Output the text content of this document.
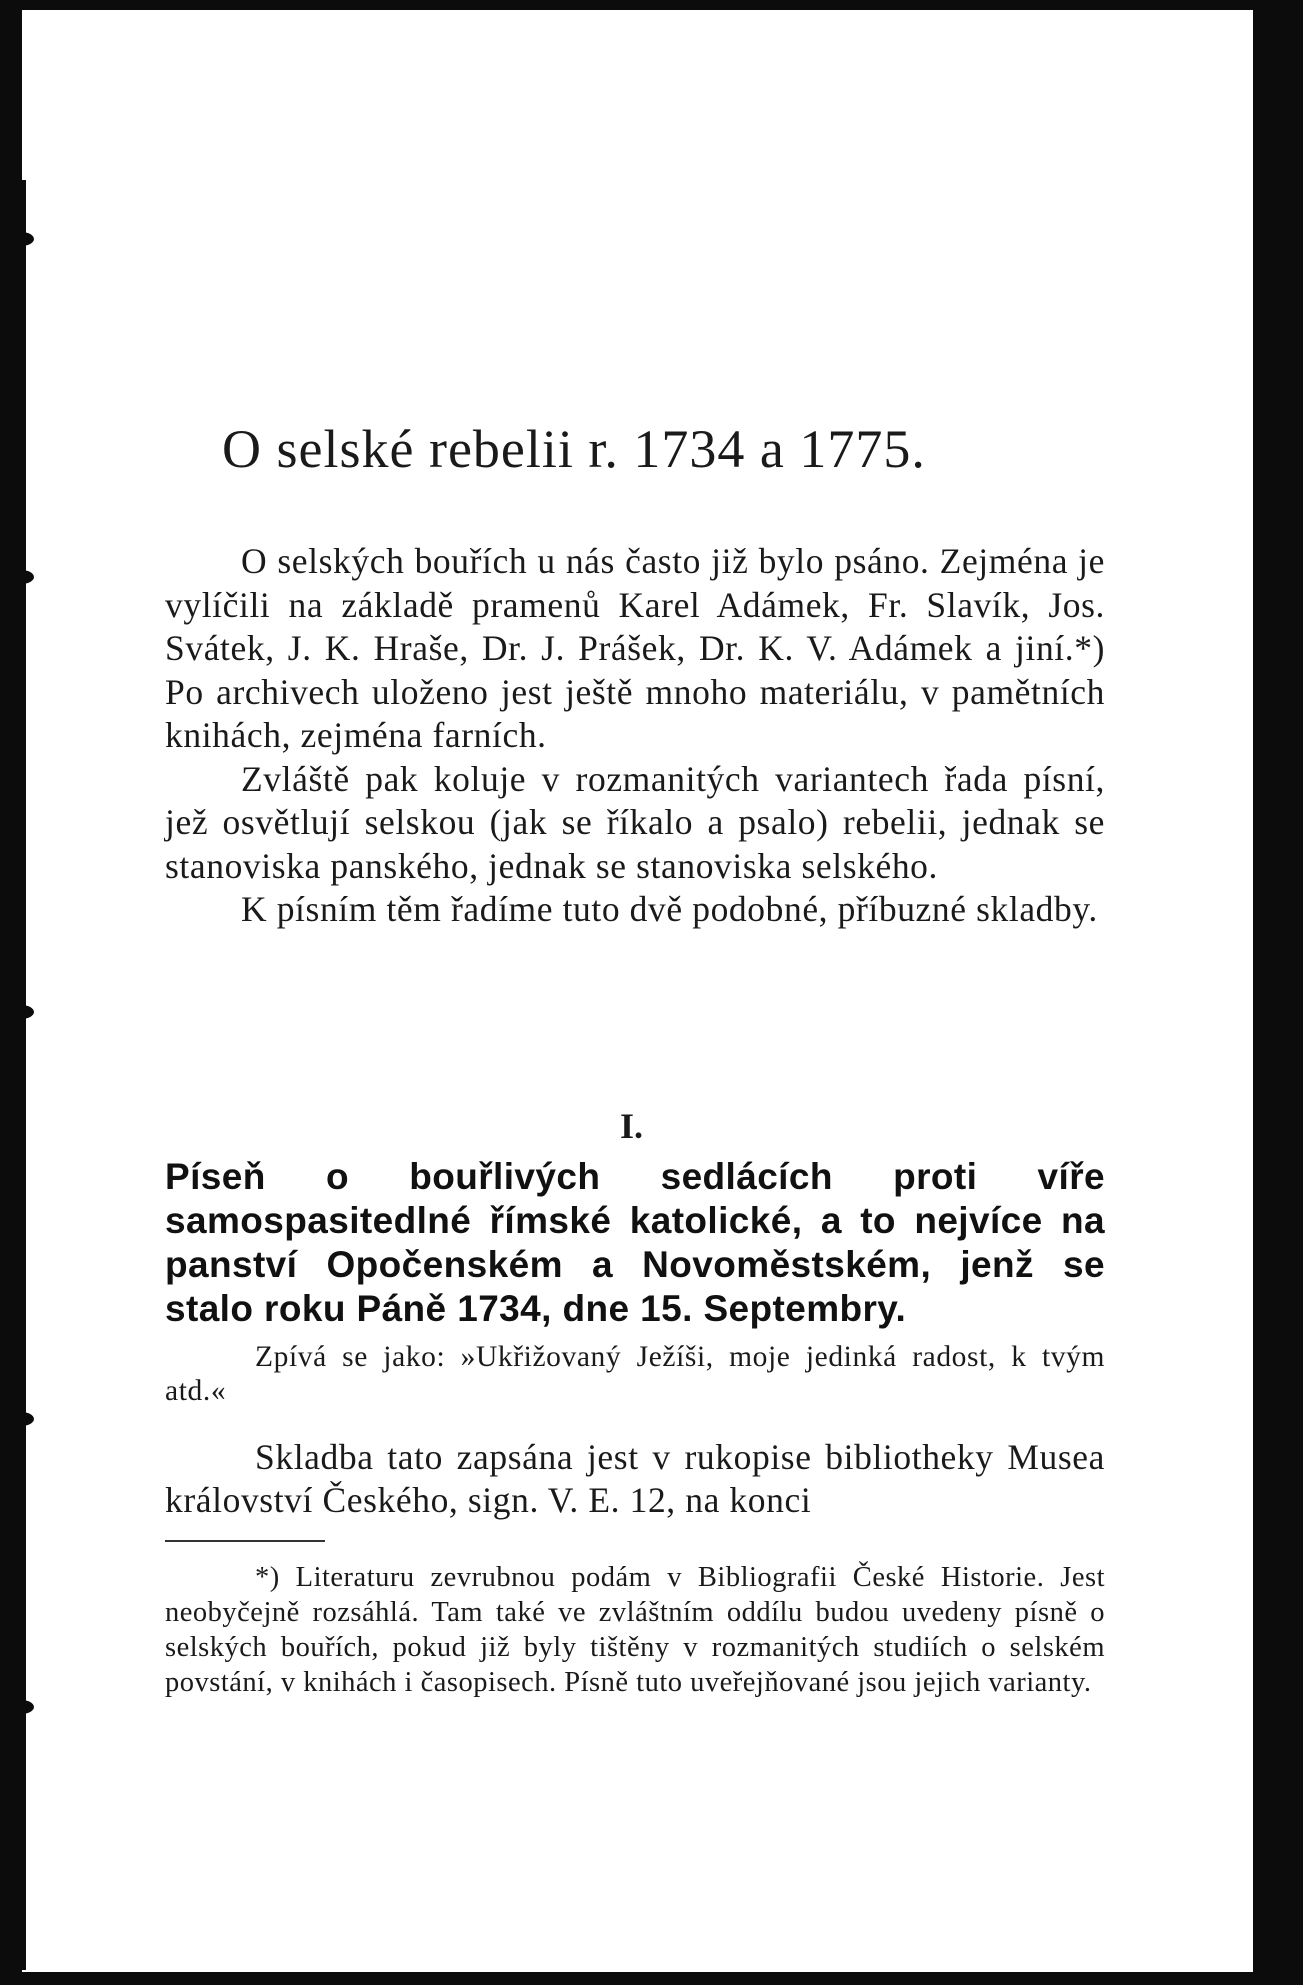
O selské rebelii r. 1734 a 1775.

O selských bouřích u nás často již bylo psáno. Zejména je vylíčili na základě pramenů Karel Adámek, Fr. Slavík, Jos. Svátek, J. K. Hraše, Dr. J. Prášek, Dr. K. V. Adámek a jiní.*) Po archivech uloženo jest ještě mnoho materiálu, v pamětních knihách, zejména farních.

Zvláště pak koluje v rozmanitých variantech řada písní, jež osvětlují selskou (jak se říkalo a psalo) rebelii, jednak se stanoviska panského, jednak se stanoviska selského.

K písním těm řadíme tuto dvě podobné, příbuzné skladby.

I.
Píseň o bouřlivých sedlácích proti víře samospasitedlné římské katolické, a to nejvíce na panství Opočenském a Novoměstském, jenž se stalo roku Páně 1734, dne 15. Septembry.

Zpívá se jako: »Ukřižovaný Ježíši, moje jedinká radost, k tvým atd.«

Skladba tato zapsána jest v rukopise bibliotheky Musea království Českého, sign. V. E. 12, na konci

*) Literaturu zevrubnou podám v Bibliografii České Historie. Jest neobyčejně rozsáhlá. Tam také ve zvláštním oddílu budou uvedeny písně o selských bouřích, pokud již byly tištěny v rozmanitých studiích o selském povstání, v knihách i časopisech. Písně tuto uveřejňované jsou jejich varianty.
